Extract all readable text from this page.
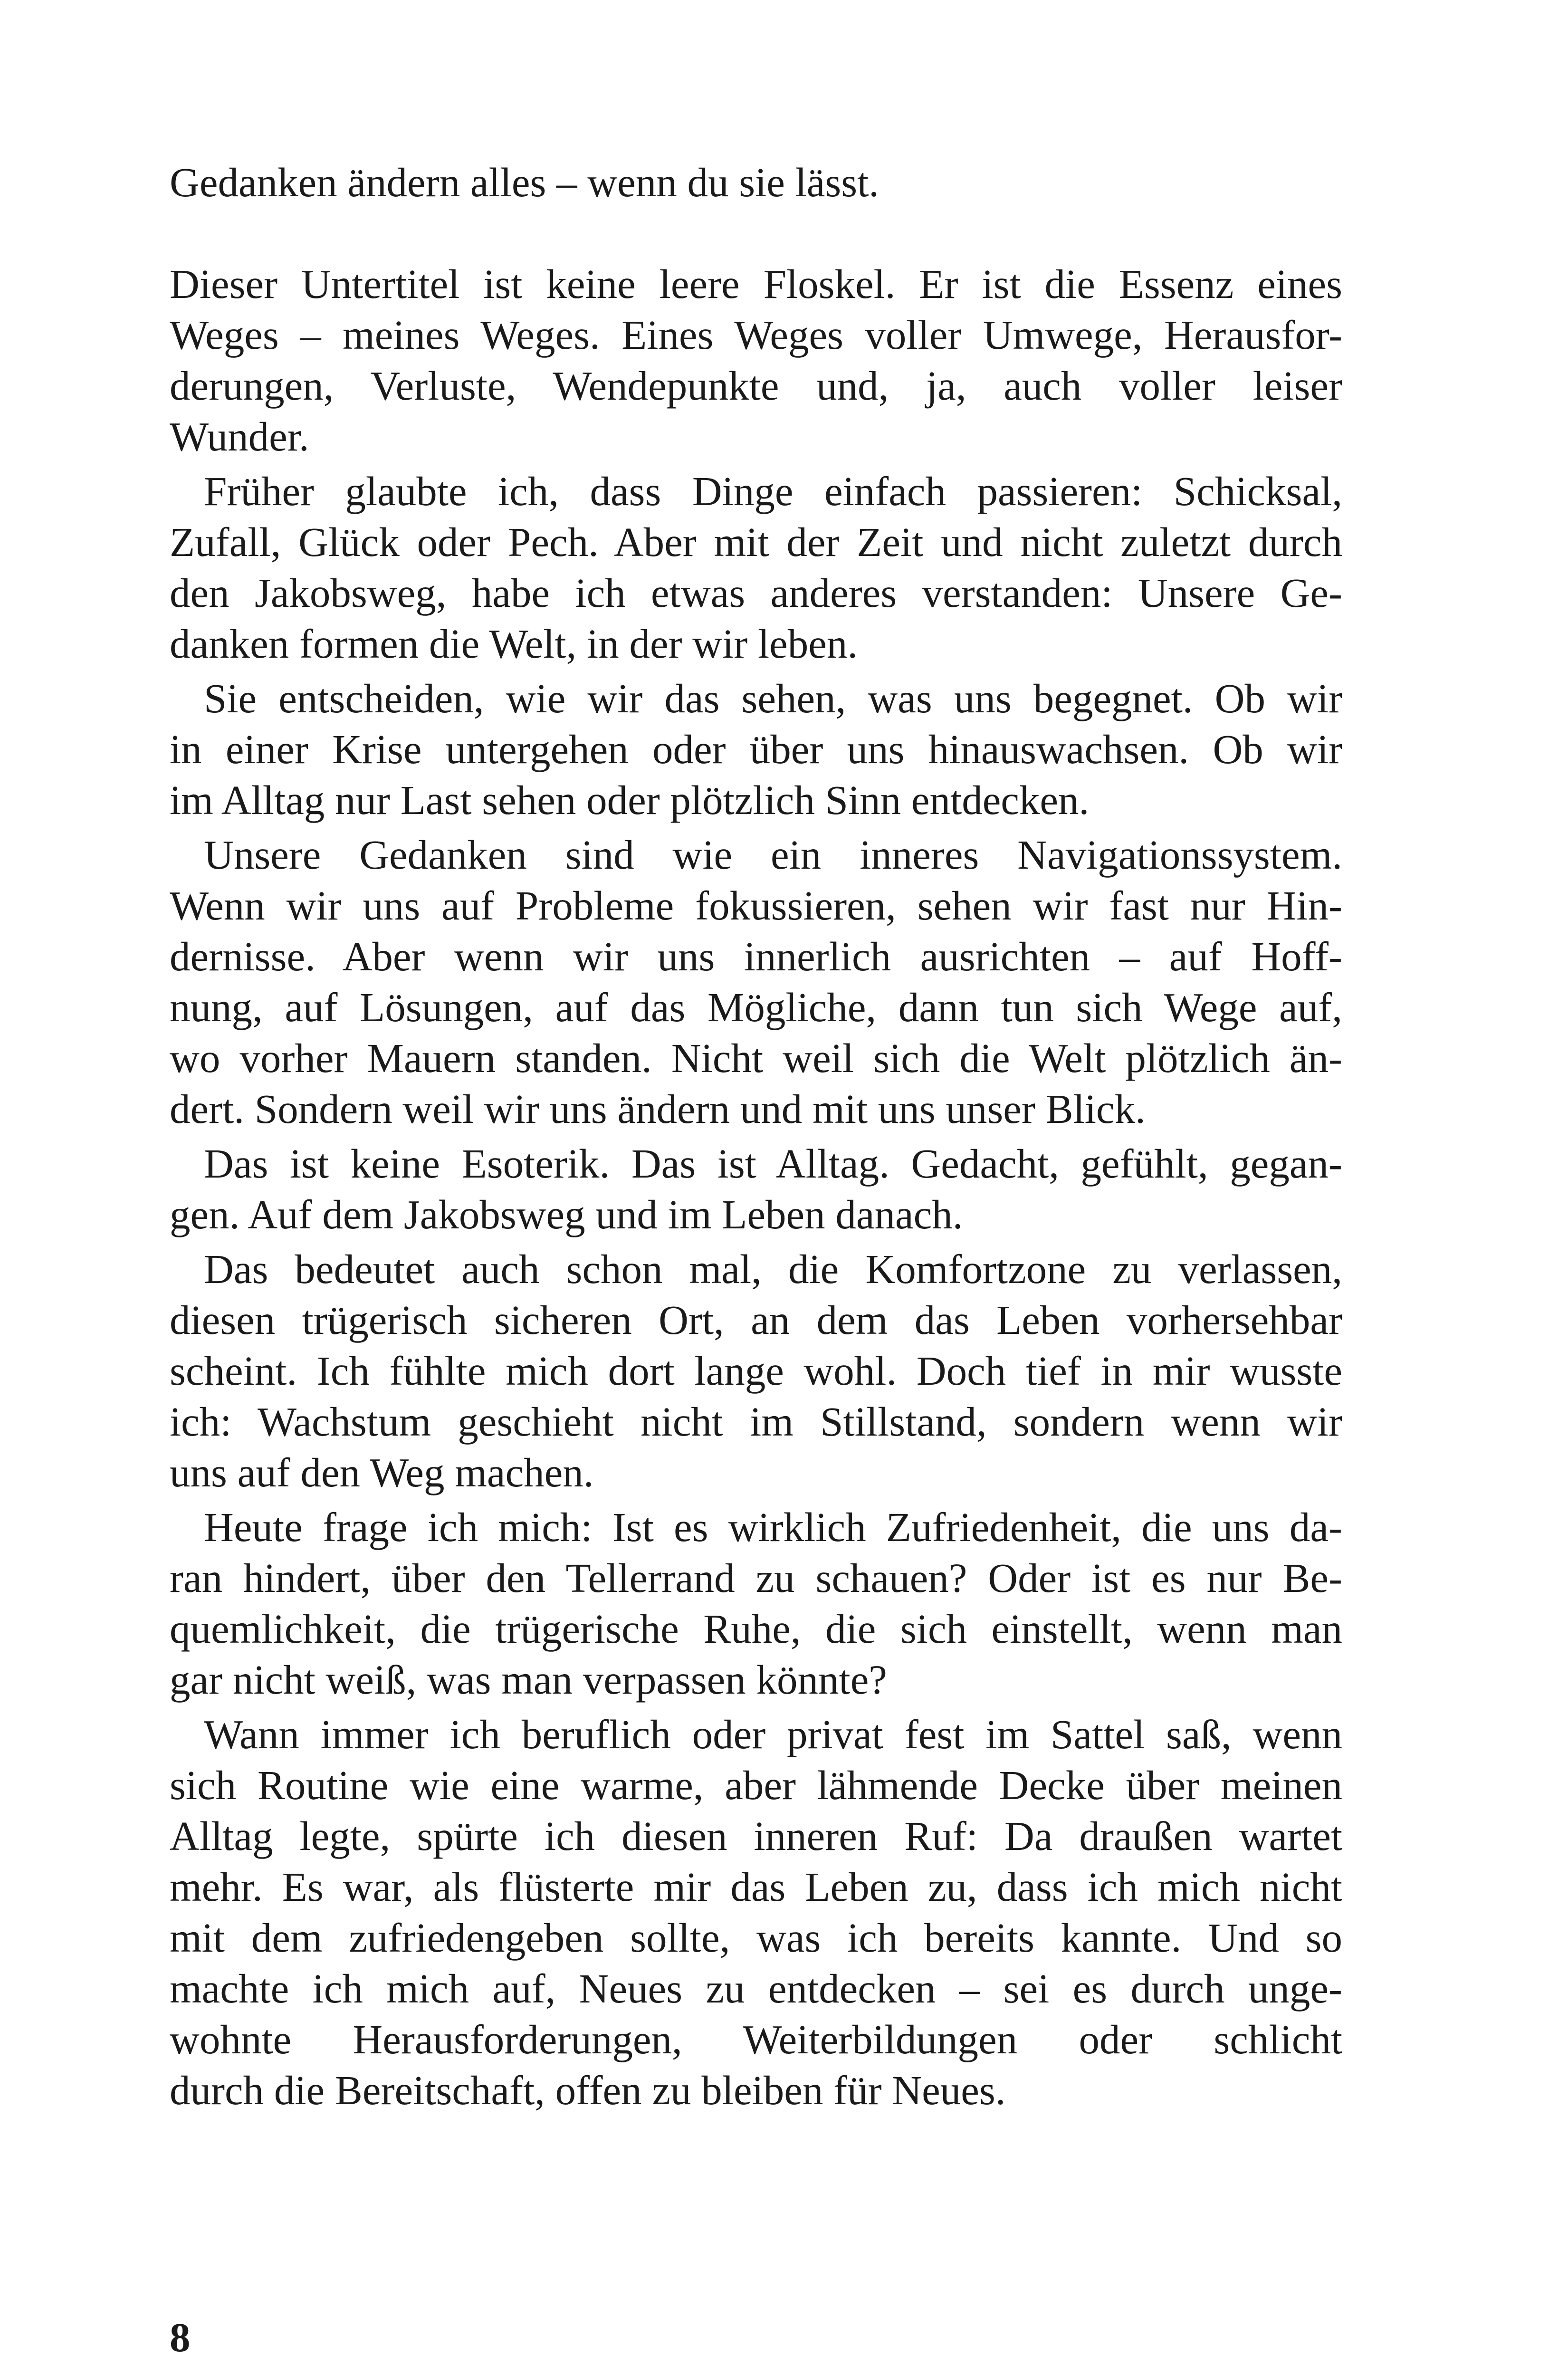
Gedanken ändern alles – wenn du sie lässt.
Dieser Untertitel ist keine leere Floskel. Er ist die Essenz eines
Weges – meines Weges. Eines Weges voller Umwege, Herausfor-
derungen, Verluste, Wendepunkte und, ja, auch voller leiser
Wunder.
Früher glaubte ich, dass Dinge einfach passieren: Schicksal,
Zufall, Glück oder Pech. Aber mit der Zeit und nicht zuletzt durch
den Jakobsweg, habe ich etwas anderes verstanden: Unsere Ge-
danken formen die Welt, in der wir leben.
Sie entscheiden, wie wir das sehen, was uns begegnet. Ob wir
in einer Krise untergehen oder über uns hinauswachsen. Ob wir
im Alltag nur Last sehen oder plötzlich Sinn entdecken.
Unsere Gedanken sind wie ein inneres Navigationssystem.
Wenn wir uns auf Probleme fokussieren, sehen wir fast nur Hin-
dernisse. Aber wenn wir uns innerlich ausrichten – auf Hoff-
nung, auf Lösungen, auf das Mögliche, dann tun sich Wege auf,
wo vorher Mauern standen. Nicht weil sich die Welt plötzlich än-
dert. Sondern weil wir uns ändern und mit uns unser Blick.
Das ist keine Esoterik. Das ist Alltag. Gedacht, gefühlt, gegan-
gen. Auf dem Jakobsweg und im Leben danach.
Das bedeutet auch schon mal, die Komfortzone zu verlassen,
diesen trügerisch sicheren Ort, an dem das Leben vorhersehbar
scheint. Ich fühlte mich dort lange wohl. Doch tief in mir wusste
ich: Wachstum geschieht nicht im Stillstand, sondern wenn wir
uns auf den Weg machen.
Heute frage ich mich: Ist es wirklich Zufriedenheit, die uns da-
ran hindert, über den Tellerrand zu schauen? Oder ist es nur Be-
quemlichkeit, die trügerische Ruhe, die sich einstellt, wenn man
gar nicht weiß, was man verpassen könnte?
Wann immer ich beruflich oder privat fest im Sattel saß, wenn
sich Routine wie eine warme, aber lähmende Decke über meinen
Alltag legte, spürte ich diesen inneren Ruf: Da draußen wartet
mehr. Es war, als flüsterte mir das Leben zu, dass ich mich nicht
mit dem zufriedengeben sollte, was ich bereits kannte. Und so
machte ich mich auf, Neues zu entdecken – sei es durch unge-
wohnte Herausforderungen, Weiterbildungen oder schlicht
durch die Bereitschaft, offen zu bleiben für Neues.
8
